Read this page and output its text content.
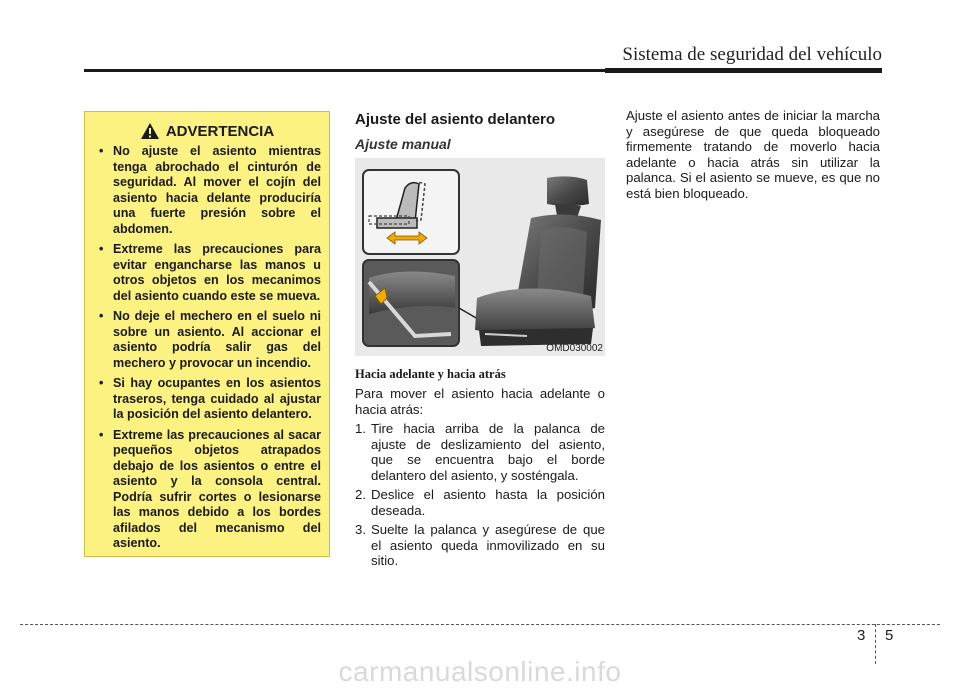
Sistema de seguridad del vehículo
ADVERTENCIA
• No ajuste el asiento mientras tenga abrochado el cinturón de seguridad. Al mover el cojín del asiento hacia delante produciría una fuerte presión sobre el abdomen.
• Extreme las precauciones para evitar engancharse las manos u otros objetos en los mecanimos del asiento cuando este se mueva.
• No deje el mechero en el suelo ni sobre un asiento. Al accionar el asiento podría salir gas del mechero y provocar un incendio.
• Si hay ocupantes en los asientos traseros, tenga cuidado al ajustar la posición del asiento delantero.
• Extreme las precauciones al sacar pequeños objetos atrapados debajo de los asientos o entre el asiento y la consola central. Podría sufrir cortes o lesionarse las manos debido a los bordes afilados del mecanismo del asiento.
Ajuste del asiento delantero
Ajuste manual
OMD030002
Hacia adelante y hacia atrás

Para mover el asiento hacia adelante o hacia atrás:

1. Tire hacia arriba de la palanca de ajuste de deslizamiento del asiento, que se encuentra bajo el borde delantero del asiento, y sosténgala.
2. Deslice el asiento hasta la posición deseada.
3. Suelte la palanca y asegúrese de que el asiento queda inmovilizado en su sitio.
Ajuste el asiento antes de iniciar la marcha y asegúrese de que queda bloqueado firmemente tratando de moverlo hacia adelante o hacia atrás sin utilizar la palanca. Si el asiento se mueve, es que no está bien bloqueado.
3 5
carmanualsonline.info
